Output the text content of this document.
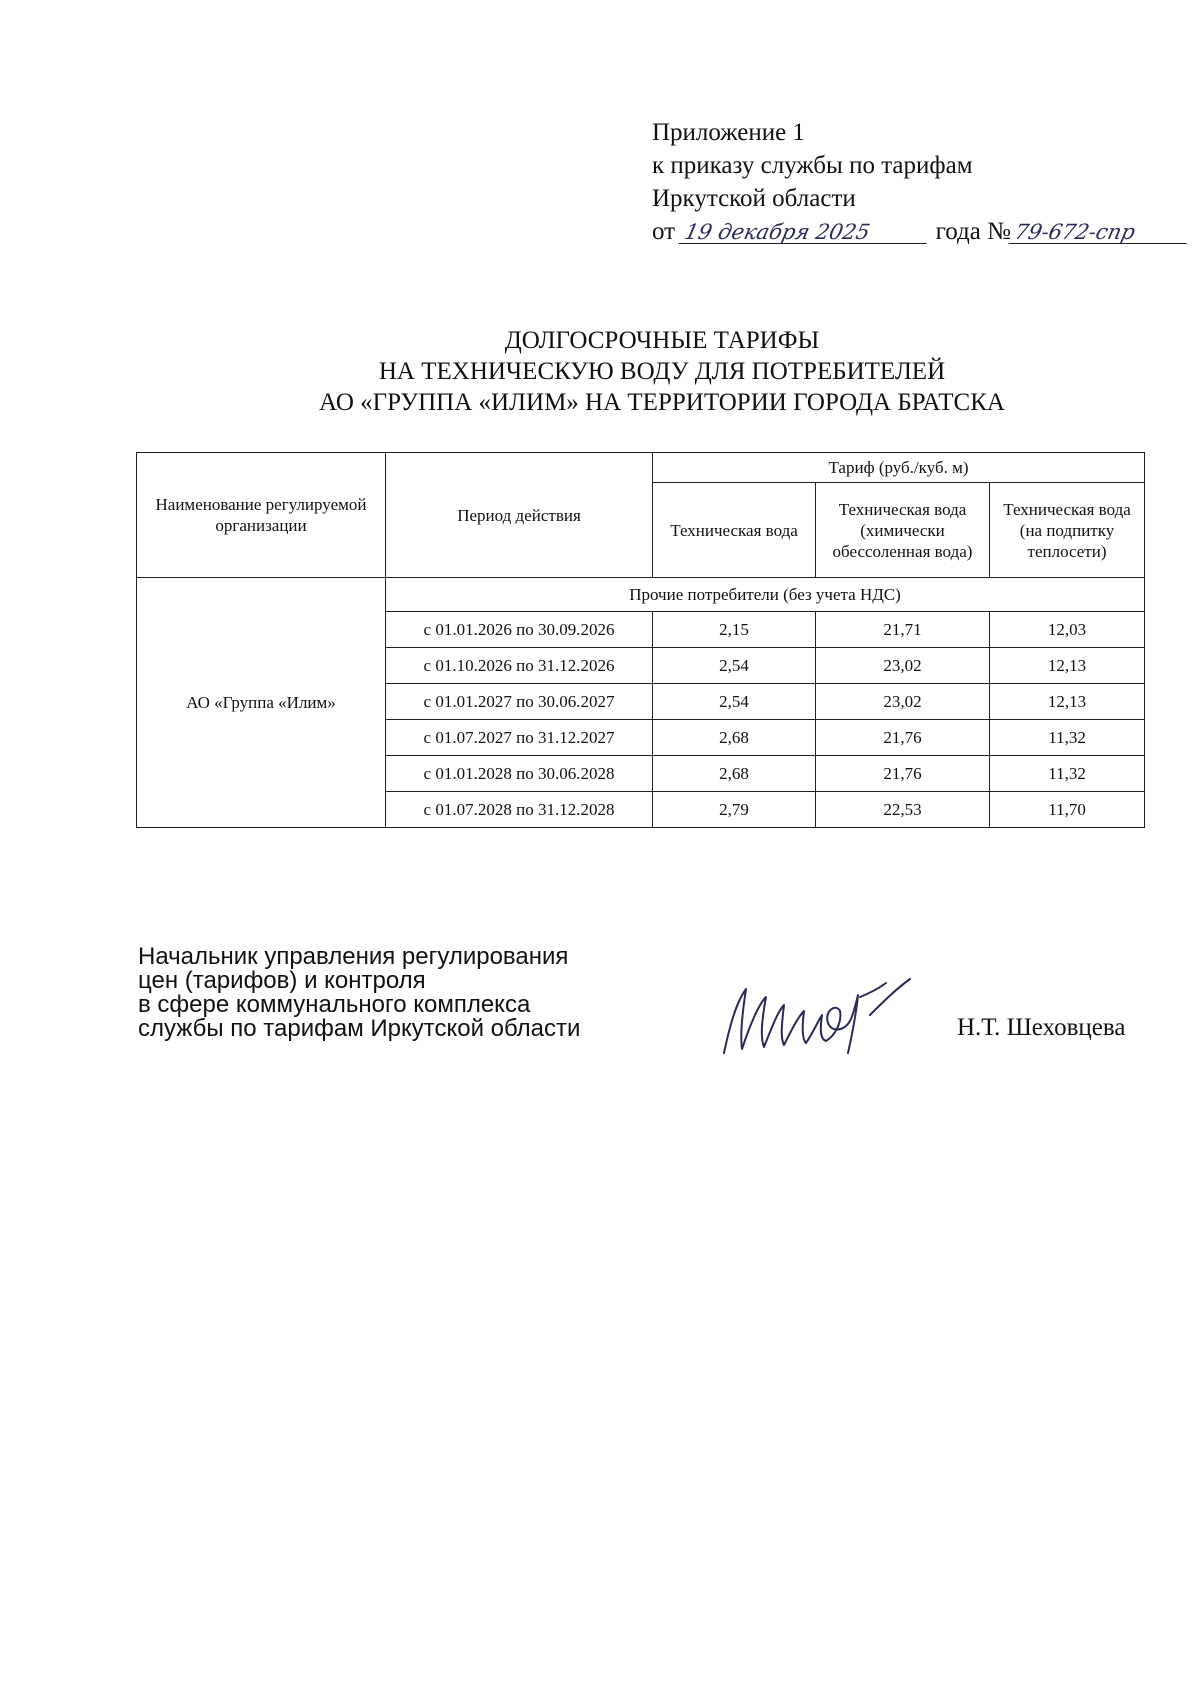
Приложение 1
к приказу службы по тарифам
Иркутской области
от 19 декабря 2025	года №79-672-спр
ДОЛГОСРОЧНЫЕ ТАРИФЫ
НА ТЕХНИЧЕСКУЮ ВОДУ ДЛЯ ПОТРЕБИТЕЛЕЙ
АО «ГРУППА «ИЛИМ» НА ТЕРРИТОРИИ ГОРОДА БРАТСКА
Наименование регулируемой организации	Период действия	Тариф (руб./куб. м)		
		Техническая вода	Техническая вода (химически обессоленная вода)	Техническая вода (на подпитку теплосети)
АО «Группа «Илим»	Прочие потребители (без учета НДС)			
	с 01.01.2026 по 30.09.2026	2,15	21,71	12,03
	с 01.10.2026 по 31.12.2026	2,54	23,02	12,13
	с 01.01.2027 по 30.06.2027	2,54	23,02	12,13
	с 01.07.2027 по 31.12.2027	2,68	21,76	11,32
	с 01.01.2028 по 30.06.2028	2,68	21,76	11,32
	с 01.07.2028 по 31.12.2028	2,79	22,53	11,70
Начальник управления регулирования
цен (тарифов) и контроля
в сфере коммунального комплекса
службы по тарифам Иркутской области	Н.Т. Шеховцева
